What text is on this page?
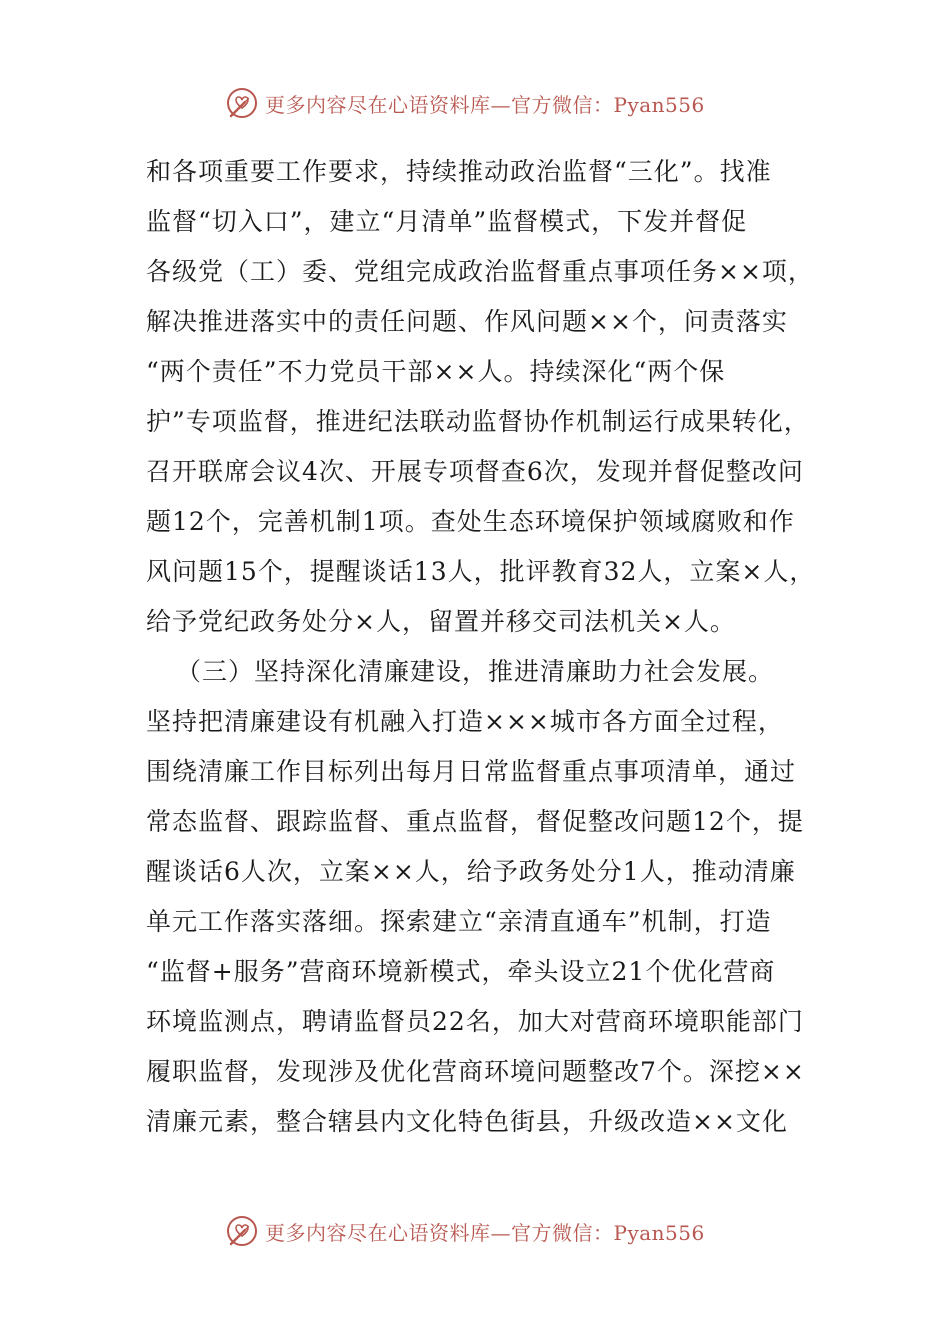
更多内容尽在心语资料库—官方微信：Pyan556
和各项重要工作要求，持续推动政治监督“三化”。找准
监督“切入口”，建立“月清单”监督模式，下发并督促
各级党（工）委、党组完成政治监督重点事项任务××项，
解决推进落实中的责任问题、作风问题××个，问责落实
“两个责任”不力党员干部××人。持续深化“两个保
护”专项监督，推进纪法联动监督协作机制运行成果转化，
召开联席会议4次、开展专项督查6次，发现并督促整改问
题12个，完善机制1项。查处生态环境保护领域腐败和作
风问题15个，提醒谈话13人，批评教育32人，立案×人，
给予党纪政务处分×人，留置并移交司法机关×人。
（三）坚持深化清廉建设，推进清廉助力社会发展。
坚持把清廉建设有机融入打造×××城市各方面全过程，
围绕清廉工作目标列出每月日常监督重点事项清单，通过
常态监督、跟踪监督、重点监督，督促整改问题12个，提
醒谈话6人次，立案××人，给予政务处分1人，推动清廉
单元工作落实落细。探索建立“亲清直通车”机制，打造
“监督+服务”营商环境新模式，牵头设立21个优化营商
环境监测点，聘请监督员22名，加大对营商环境职能部门
履职监督，发现涉及优化营商环境问题整改7个。深挖××
清廉元素，整合辖县内文化特色街县，升级改造××文化
更多内容尽在心语资料库—官方微信：Pyan556
